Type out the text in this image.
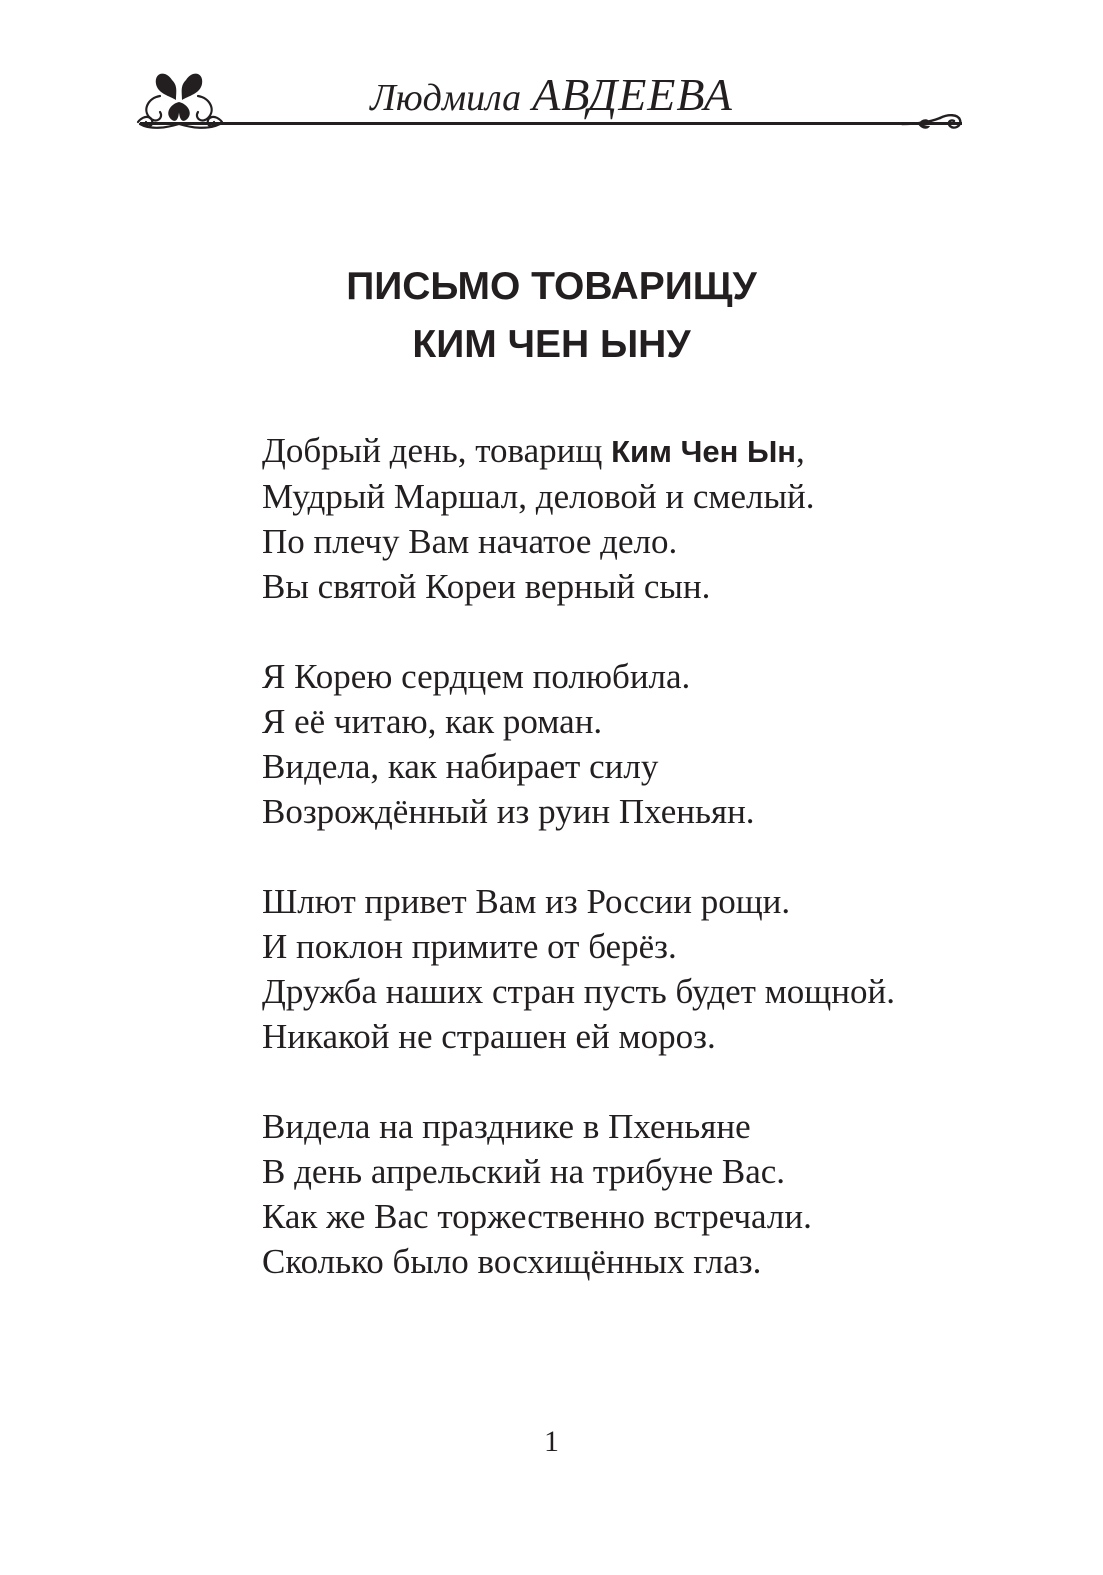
Людмила АВДЕЕВА
ПИСЬМО ТОВАРИЩУ
КИМ ЧЕН ЫНУ
Добрый день, товарищ Ким Чен Ын,
Мудрый Маршал, деловой и смелый.
По плечу Вам начатое дело.
Вы святой Кореи верный сын.
Я Корею сердцем полюбила.
Я её читаю, как роман.
Видела, как набирает силу
Возрождённый из руин Пхеньян.
Шлют привет Вам из России рощи.
И поклон примите от берёз.
Дружба наших стран пусть будет мощной.
Никакой не страшен ей мороз.
Видела на празднике в Пхеньяне
В день апрельский на трибуне Вас.
Как же Вас торжественно встречали.
Сколько было восхищённых глаз.
1
